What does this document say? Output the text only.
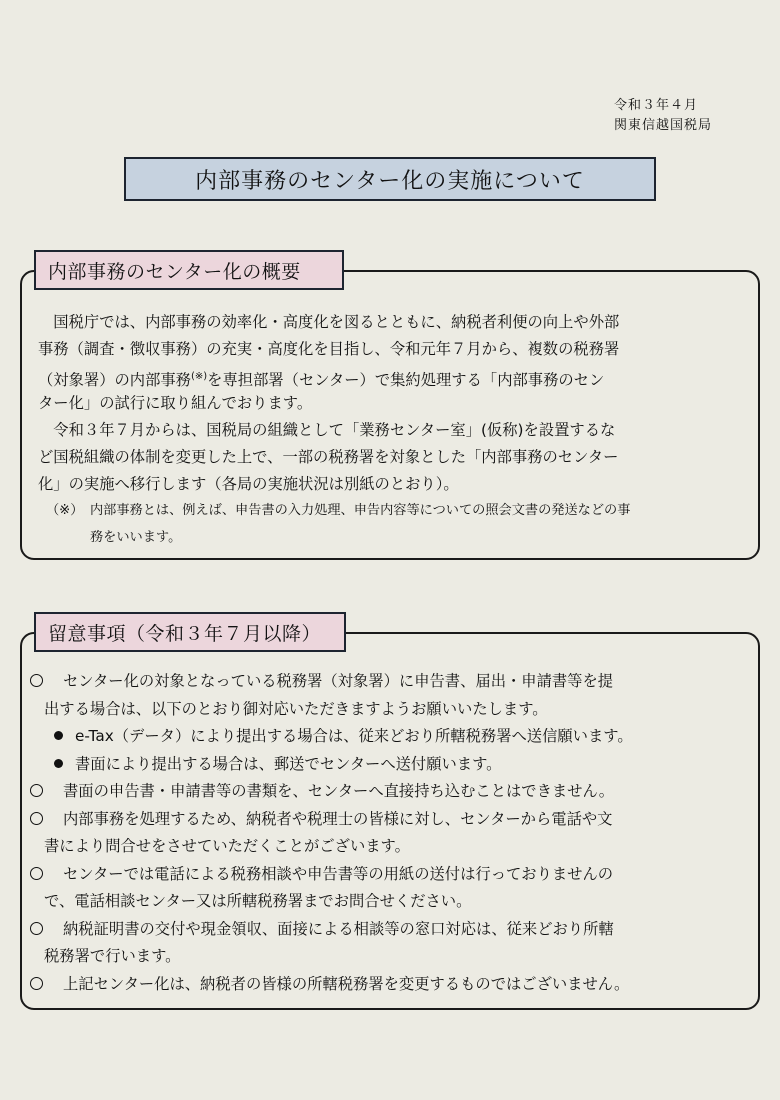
令和３年４月
関東信越国税局
内部事務のセンター化の実施について
内部事務のセンター化の概要
　国税庁では、内部事務の効率化・高度化を図るとともに、納税者利便の向上や外部
事務（調査・徴収事務）の充実・高度化を目指し、令和元年７月から、複数の税務署
（対象署）の内部事務(※)を専担部署（センター）で集約処理する「内部事務のセン
ター化」の試行に取り組んでおります。
　令和３年７月からは、国税局の組織として「業務センター室」(仮称)を設置するな
ど国税組織の体制を変更した上で、一部の税務署を対象とした「内部事務のセンター
化」の実施へ移行します（各局の実施状況は別紙のとおり）。
（※） 内部事務とは、例えば、申告書の入力処理、申告内容等についての照会文書の発送などの事
務をいいます。
留意事項（令和３年７月以降）
センター化の対象となっている税務署（対象署）に申告書、届出・申請書等を提
出する場合は、以下のとおり御対応いただきますようお願いいたします。
e-Tax（データ）により提出する場合は、従来どおり所轄税務署へ送信願います。
書面により提出する場合は、郵送でセンターへ送付願います。
書面の申告書・申請書等の書類を、センターへ直接持ち込むことはできません。
内部事務を処理するため、納税者や税理士の皆様に対し、センターから電話や文
書により問合せをさせていただくことがございます。
センターでは電話による税務相談や申告書等の用紙の送付は行っておりませんの
で、電話相談センター又は所轄税務署までお問合せください。
納税証明書の交付や現金領収、面接による相談等の窓口対応は、従来どおり所轄
税務署で行います。
上記センター化は、納税者の皆様の所轄税務署を変更するものではございません。
